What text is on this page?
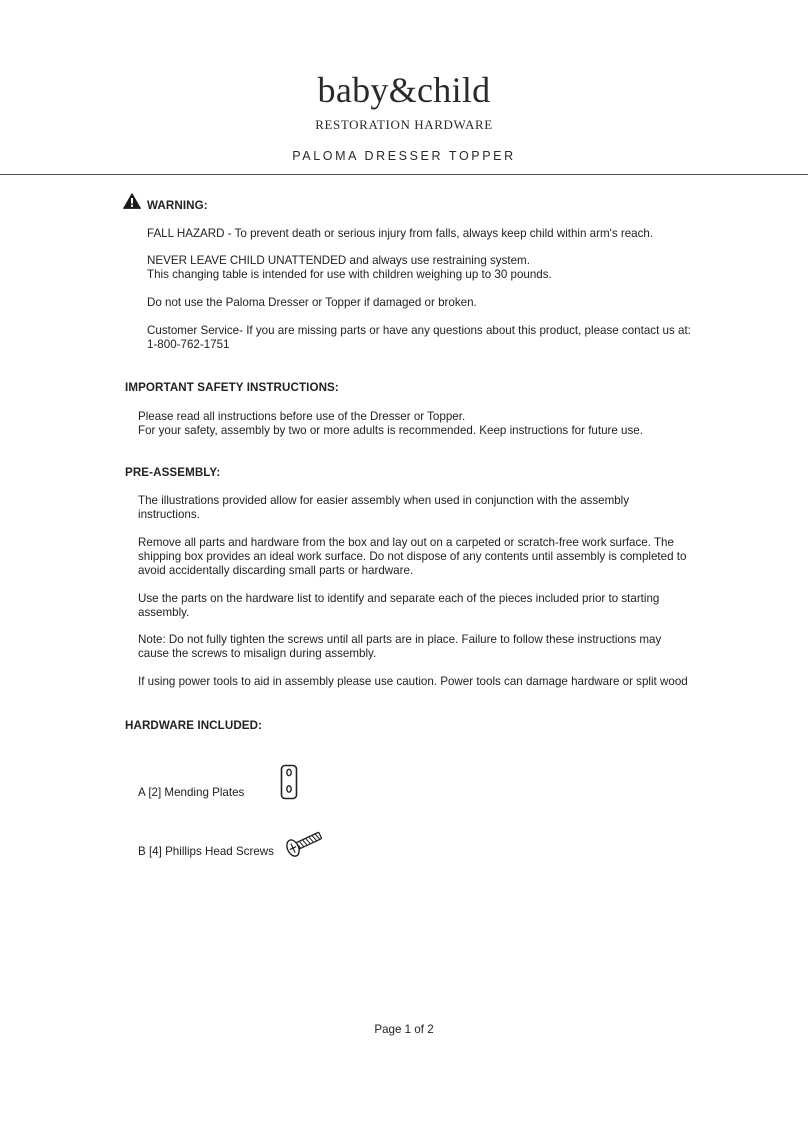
baby&child
RESTORATION HARDWARE
PALOMA DRESSER TOPPER
WARNING:
FALL HAZARD - To prevent death or serious injury from falls, always keep child within arm's reach.
NEVER LEAVE CHILD UNATTENDED and always use restraining system.
This changing table is intended for use with children weighing up to 30 pounds.
Do not use the Paloma Dresser or Topper if damaged or broken.
Customer Service- If you are missing parts or have any questions about this product, please contact us at:
1-800-762-1751
IMPORTANT SAFETY INSTRUCTIONS:
Please read all instructions before use of the Dresser or Topper.
For your safety, assembly by two or more adults is recommended. Keep instructions for future use.
PRE-ASSEMBLY:
The illustrations provided allow for easier assembly when used in conjunction with the assembly
instructions.
Remove all parts and hardware from the box and lay out on a carpeted or scratch-free work surface. The
shipping box provides an ideal work surface. Do not dispose of any contents until assembly is completed to
avoid accidentally discarding small parts or hardware.
Use the parts on the hardware list to identify and separate each of the pieces included prior to starting
assembly.
Note: Do not fully tighten the screws until all parts are in place. Failure to follow these instructions may
cause the screws to misalign during assembly.
If using power tools to aid in assembly please use caution. Power tools can damage hardware or split wood
HARDWARE INCLUDED:
A [2] Mending Plates
B [4] Phillips Head Screws
Page 1 of 2
